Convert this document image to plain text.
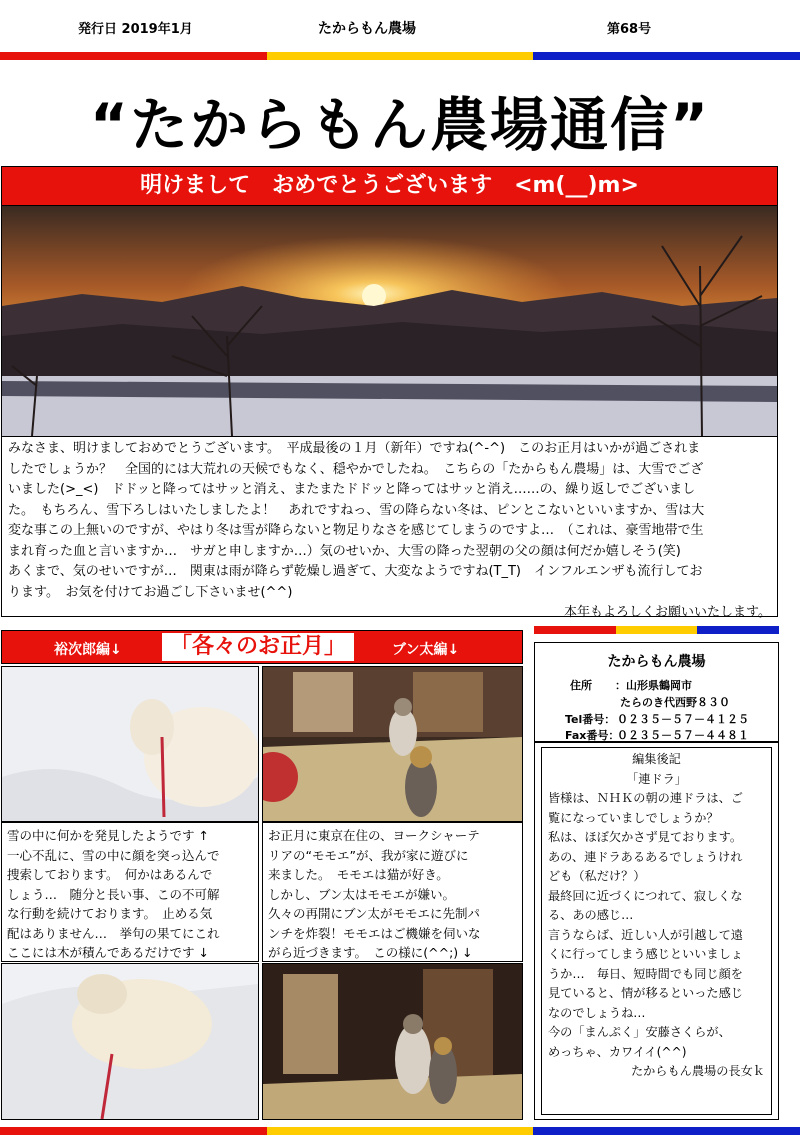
発行日 2019年1月	たからもん農場	第68号
“たからもん農場通信”
明けまして　おめでとうございます　<m(__)m>
みなさま、明けましておめでとうございます。　平成最後の１月（新年）ですね(^-^)　このお正月はいかが過ごされま
したでしょうか？　全国的には大荒れの天候でもなく、穏やかでしたね。　こちらの「たからもん農場」は、大雪でござ
いました(>_<)　ドドッと降ってはサッと消え、またまたドドッと降ってはサッと消え……の、繰り返しでございまし
た。　もちろん、雪下ろしはいたしましたよ！　あれですねっ、雪の降らない冬は、ピンとこないといいますか、雪は大
変な事この上無いのですが、やはり冬は雪が降らないと物足りなさを感じてしまうのですよ…　（これは、豪雪地帯で生
まれ育った血と言いますか…　サガと申しますか…）気のせいか、大雪の降った翌朝の父の顔は何だか嬉しそう(笑)
あくまで、気のせいですが…　関東は雨が降らず乾燥し過ぎて、大変なようですね(T_T)　インフルエンザも流行してお
ります。　お気を付けてお過ごし下さいませ(^^)
本年もよろしくお願いいたします。
裕次郎編↓	「各々のお正月」	ブン太編↓
雪の中に何かを発見したようです ↑
一心不乱に、雪の中に顔を突っ込んで
捜索しております。　何かはあるんで
しょう…　随分と長い事、この不可解
な行動を続けております。　止める気
配はありません…　挙句の果てにこれ
ここには木が積んであるだけです ↓
お正月に東京在住の、ヨークシャーテ
リアの“モモエ”が、我が家に遊びに
来ました。　モモエは猫が好き。
しかし、ブン太はモモエが嫌い。
久々の再開にブン太がモモエに先制パ
ンチを炸裂！モモエはご機嫌を伺いな
がら近づきます。　この様に(^^;) ↓
たからもん農場
住所 ：山形県鶴岡市
たらのき代西野８３０
Tel番号： ０２３５－５７－４１２５
Fax番号：
０２３５－５７－４４８１
編集後記
「連ドラ」
皆様は、ＮＨＫの朝の連ドラは、ご
覧になっていましでしょうか？
私は、ほぼ欠かさず見ております。
あの、連ドラあるあるでしょうけれ
ども（私だけ？）
最終回に近づくにつれて、寂しくな
る、あの感じ…
言うならば、近しい人が引越して遠
くに行ってしまう感じといいましょ
うか…　毎日、短時間でも同じ顔を
見ていると、情が移るといった感じ
なのでしょうね…
今の「まんぷく」安藤さくらが、
めっちゃ、カワイイ(^^)
たからもん農場の長女ｋ
